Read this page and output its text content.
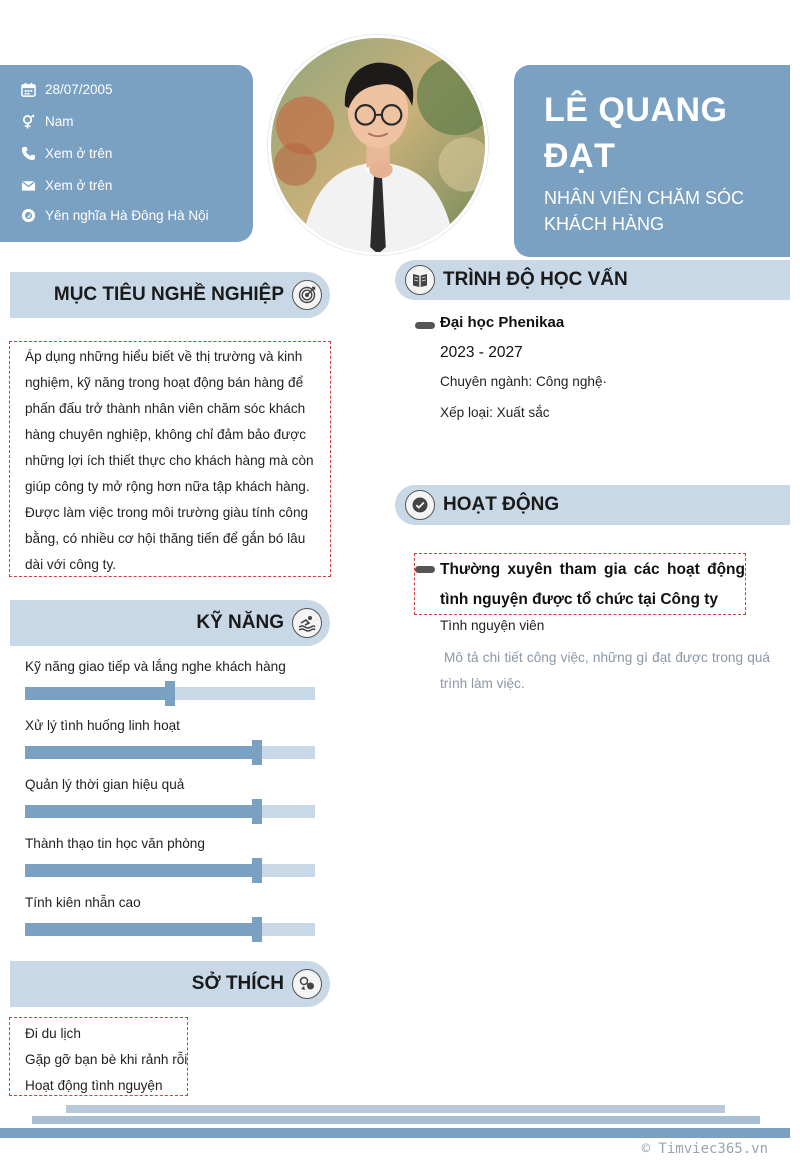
28/07/2005
Nam
Xem ở trên
Xem ở trên
Yên nghĩa Hà Đông Hà Nội
LÊ QUANG ĐẠT
NHÂN VIÊN CHĂM SÓC KHÁCH HÀNG
MỤC TIÊU NGHỀ NGHIỆP
Áp dụng những hiểu biết về thị trường và kinh nghiệm, kỹ năng trong hoạt động bán hàng để phấn đấu trở thành nhân viên chăm sóc khách hàng chuyên nghiệp, không chỉ đảm bảo được những lợi ích thiết thực cho khách hàng mà còn giúp công ty mở rộng hơn nữa tập khách hàng. Được làm việc trong môi trường giàu tính công bằng, có nhiều cơ hội thăng tiến để gắn bó lâu dài với công ty.
KỸ NĂNG
Kỹ năng giao tiếp và lắng nghe khách hàng
Xử lý tình huống linh hoạt
Quản lý thời gian hiệu quả
Thành thạo tin học văn phòng
Tính kiên nhẫn cao
SỞ THÍCH
Đi du lịch
Gặp gỡ bạn bè khi rảnh rỗi
Hoạt động tình nguyện
TRÌNH ĐỘ HỌC VẤN
Đại học Phenikaa
2023 - 2027
Chuyên ngành: Công nghệ·
Xếp loại: Xuất sắc
HOẠT ĐỘNG
Thường xuyên tham gia các hoạt động tình nguyện được tổ chức tại Công ty
Tình nguyện viên
Mô tả chi tiết công việc, những gì đạt được trong quá trình làm việc.
© Timviec365.vn
